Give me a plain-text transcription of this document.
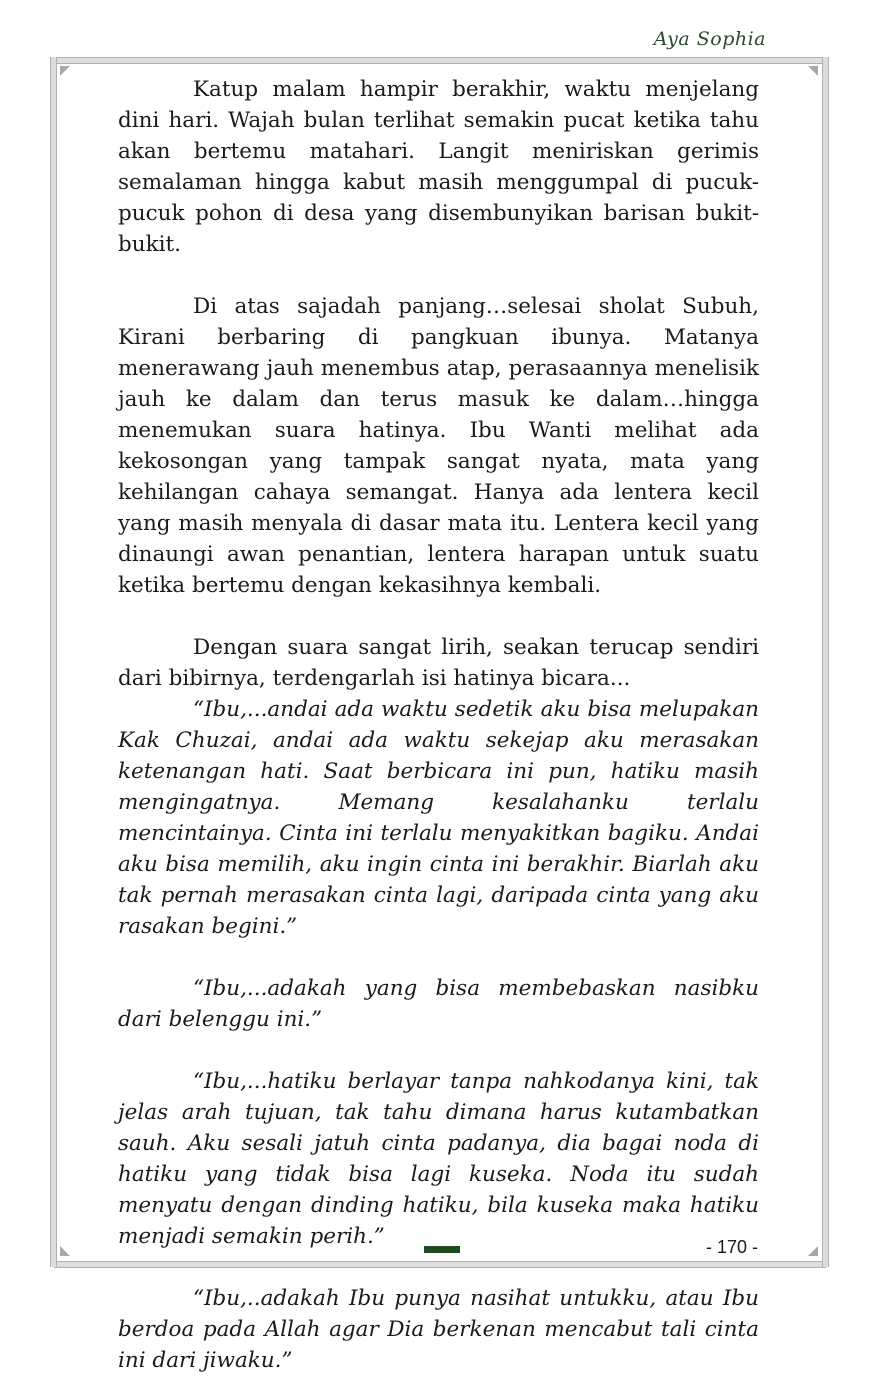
Aya Sophia

Katup malam hampir berakhir, waktu menjelang dini hari. Wajah bulan terlihat semakin pucat ketika tahu akan bertemu matahari. Langit meniriskan gerimis semalaman hingga kabut masih menggumpal di pucuk-pucuk pohon di desa yang disembunyikan barisan bukit-bukit.

Di atas sajadah panjang…selesai sholat Subuh, Kirani berbaring di pangkuan ibunya. Matanya menerawang jauh menembus atap, perasaannya menelisik jauh ke dalam dan terus masuk ke dalam…hingga menemukan suara hatinya. Ibu Wanti melihat ada kekosongan yang tampak sangat nyata, mata yang kehilangan cahaya semangat. Hanya ada lentera kecil yang masih menyala di dasar mata itu. Lentera kecil yang dinaungi awan penantian, lentera harapan untuk suatu ketika bertemu dengan kekasihnya kembali.

Dengan suara sangat lirih, seakan terucap sendiri dari bibirnya, terdengarlah isi hatinya bicara...

“Ibu,...andai ada waktu sedetik aku bisa melupakan Kak Chuzai, andai ada waktu sekejap aku merasakan ketenangan hati. Saat berbicara ini pun, hatiku masih mengingatnya. Memang kesalahanku terlalu mencintainya. Cinta ini terlalu menyakitkan bagiku. Andai aku bisa memilih, aku ingin cinta ini berakhir. Biarlah aku tak pernah merasakan cinta lagi, daripada cinta yang aku rasakan begini.”

“Ibu,...adakah yang bisa membebaskan nasibku dari belenggu ini.”

“Ibu,...hatiku berlayar tanpa nahkodanya kini, tak jelas arah tujuan, tak tahu dimana harus kutambatkan sauh. Aku sesali jatuh cinta padanya, dia bagai noda di hatiku yang tidak bisa lagi kuseka. Noda itu sudah menyatu dengan dinding hatiku, bila kuseka maka hatiku menjadi semakin perih.”

“Ibu,..adakah Ibu punya nasihat untukku, atau Ibu berdoa pada Allah agar Dia berkenan mencabut tali cinta ini dari jiwaku.”

- 170 -
